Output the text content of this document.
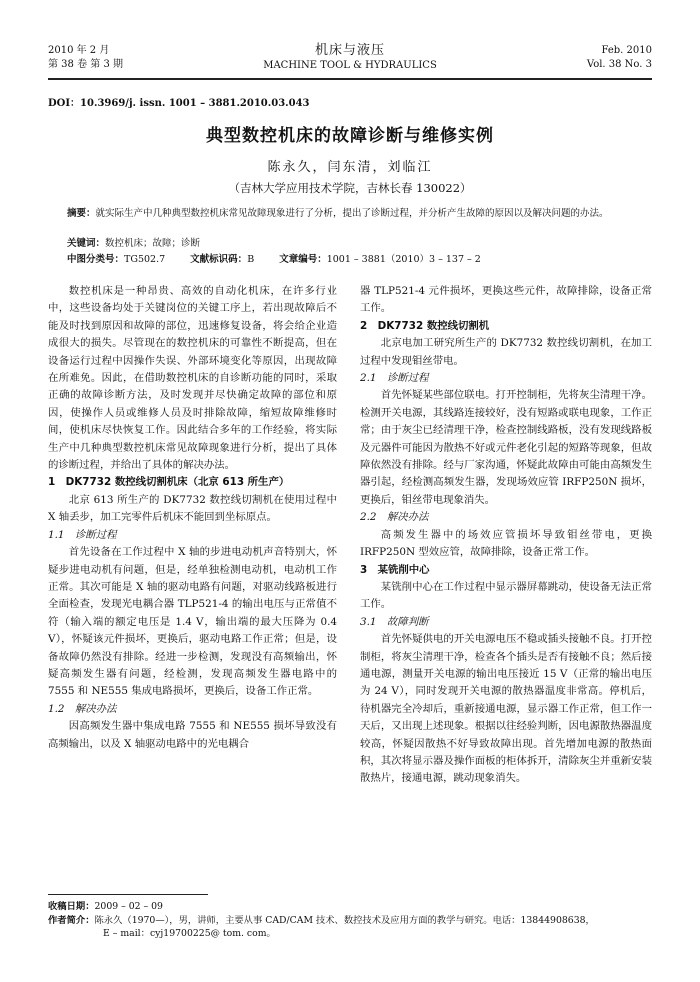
2010 年 2 月
第 38 卷 第 3 期
机床与液压
MACHINE TOOL & HYDRAULICS
Feb. 2010
Vol. 38 No. 3
DOI：10.3969/j. issn. 1001 – 3881.2010.03.043
典型数控机床的故障诊断与维修实例
陈永久，闫东清，刘临江
（吉林大学应用技术学院，吉林长春 130022）
摘要：就实际生产中几种典型数控机床常见故障现象进行了分析，提出了诊断过程，并分析产生故障的原因以及解决问题的办法。
关键词：数控机床；故障；诊断
中图分类号：TG502.7	文献标识码：B	文章编号：1001 – 3881（2010）3 – 137 – 2

数控机床是一种昂贵、高效的自动化机床，在许多行业中，这些设备均处于关键岗位的关键工序上，若出现故障后不能及时找到原因和故障的部位，迅速修复设备，将会给企业造成很大的损失。尽管现在的数控机床的可靠性不断提高，但在设备运行过程中因操作失误、外部环境变化等原因，出现故障在所难免。因此，在借助数控机床的自诊断功能的同时，采取正确的故障诊断方法，及时发现并尽快确定故障的部位和原因，使操作人员或维修人员及时排除故障，缩短故障维修时间，使机床尽快恢复工作。因此结合多年的工作经验，将实际生产中几种典型数控机床常见故障现象进行分析，提出了具体的诊断过程，并给出了具体的解决办法。

1　DK7732 数控线切割机床（北京 613 所生产）

北京 613 所生产的 DK7732 数控线切割机在使用过程中 X 轴丢步，加工完零件后机床不能回到坐标原点。

1.1　诊断过程

首先设备在工作过程中 X 轴的步进电动机声音特别大，怀疑步进电动机有问题，但是，经单独检测电动机，电动机工作正常。其次可能是 X 轴的驱动电路有问题，对驱动线路板进行全面检查，发现光电耦合器 TLP521-4 的输出电压与正常值不符（输入端的额定电压是 1.4 V，输出端的最大压降为 0.4 V），怀疑该元件损坏，更换后，驱动电路工作正常；但是，设备故障仍然没有排除。经进一步检测，发现没有高频输出，怀疑高频发生器有问题，经检测，发现高频发生器电路中的 7555 和 NE555 集成电路损坏，更换后，设备工作正常。

1.2　解决办法

因高频发生器中集成电路 7555 和 NE555 损坏导致没有高频输出，以及 X 轴驱动电路中的光电耦合

器 TLP521-4 元件损坏，更换这些元件，故障排除，设备正常工作。

2　DK7732 数控线切割机

北京电加工研究所生产的 DK7732 数控线切割机，在加工过程中发现钼丝带电。

2.1　诊断过程

首先怀疑某些部位联电。打开控制柜，先将灰尘清理干净。检测开关电源，其线路连接较好，没有短路或联电现象，工作正常；由于灰尘已经清理干净，检查控制线路板，没有发现线路板及元器件可能因为散热不好或元件老化引起的短路等现象，但故障依然没有排除。经与厂家沟通，怀疑此故障由可能由高频发生器引起，经检测高频发生器，发现场效应管 IRFP250N 损坏，更换后，钼丝带电现象消失。

2.2　解决办法

高频发生器中的场效应管损坏导致钼丝带电，更换 IRFP250N 型效应管，故障排除，设备正常工作。

3　某铣削中心

某铣削中心在工作过程中显示器屏幕跳动，使设备无法正常工作。

3.1　故障判断

首先怀疑供电的开关电源电压不稳或插头接触不良。打开控制柜，将灰尘清理干净，检查各个插头是否有接触不良；然后接通电源，测量开关电源的输出电压接近 15 V（正常的输出电压为 24 V），同时发现开关电源的散热器温度非常高。停机后，待机器完全冷却后，重新接通电源，显示器工作正常，但工作一天后，又出现上述现象。根据以往经验判断，因电源散热器温度较高，怀疑因散热不好导致故障出现。首先增加电源的散热面积，其次将显示器及操作面板的柜体拆开，清除灰尘并重新安装散热片，接通电源，跳动现象消失。

收稿日期：2009 – 02 – 09
作者简介：陈永久（1970—），男，讲师，主要从事 CAD/CAM 技术、数控技术及应用方面的教学与研究。电话：13844908638，
E – mail：cyj19700225@ tom. com。
